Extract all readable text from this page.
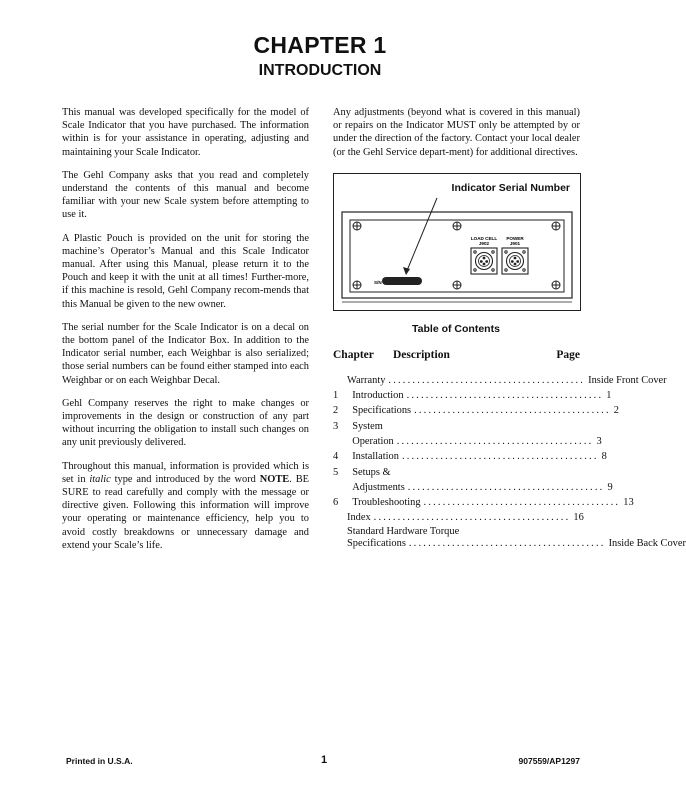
CHAPTER 1
INTRODUCTION

This manual was developed specifically for the model of Scale Indicator that you have purchased. The information within is for your assistance in operating, adjusting and maintaining your Scale Indicator.

The Gehl Company asks that you read and completely understand the contents of this manual and become familiar with your new Scale system before attempting to use it.

A Plastic Pouch is provided on the unit for storing the machine’s Operator’s Manual and this Scale Indicator manual. After using this Manual, please return it to the Pouch and keep it with the unit at all times! Further-more, if this machine is resold, Gehl Company recom-mends that this Manual be given to the new owner.

The serial number for the Scale Indicator is on a decal on the bottom panel of the Indicator Box. In addition to the Indicator serial number, each Weighbar is also serialized; those serial numbers can be found either stamped into each Weighbar or on each Weighbar Decal.

Gehl Company reserves the right to make changes or improvements in the design or construction of any part without incurring the obligation to install such changes on any unit previously delivered.

Throughout this manual, information is provided which is set in italic type and introduced by the word NOTE. BE SURE to read carefully and comply with the message or directive given. Following this information will improve your operating or maintenance efficiency, help you to avoid costly breakdowns or unnecessary damage and extend your Scale’s life.

Any adjustments (beyond what is covered in this manual) or repairs on the Indicator MUST only be attempted by or under the direction of the factory. Contact your local dealer (or the Gehl Service depart-ment) for additional directives.

LOAD CELL
J902
POWER
J901
S/N
Indicator Serial Number
Table of Contents
Chapter	Description	Page
Warranty ......................................... Inside Front Cover
1	Introduction ......................................... 1
2	Specifications ......................................... 2
3	System Operation ......................................... 3
4	Installation ......................................... 8
5	Setups & Adjustments ......................................... 9
6	Troubleshooting ......................................... 13
Index ......................................... 16
Standard Hardware Torque
Specifications ......................................... Inside Back Cover
Printed in U.S.A.	1	907559/AP1297
